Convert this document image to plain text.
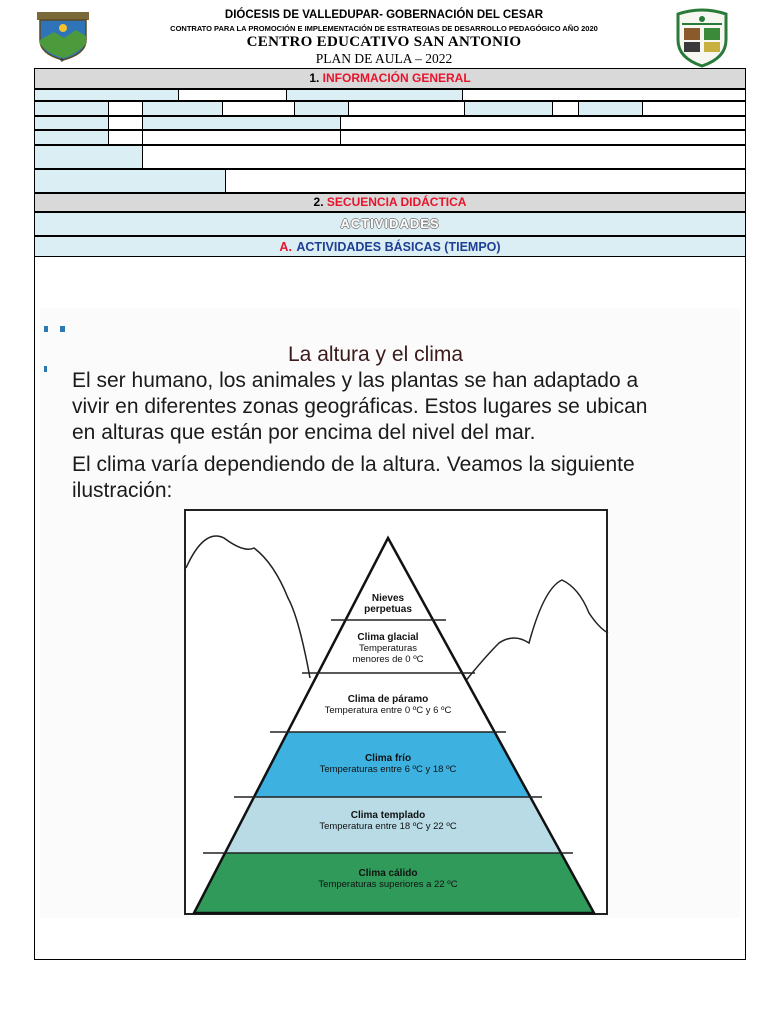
DIÓCESIS DE VALLEDUPAR- GOBERNACIÓN DEL CESAR
CONTRATO PARA LA PROMOCIÓN E IMPLEMENTACIÓN DE ESTRATEGIAS DE DESARROLLO PEDAGÓGICO AÑO 2020
CENTRO EDUCATIVO SAN ANTONIO
PLAN DE AULA – 2022
1. INFORMACIÓN GENERAL
2. SECUENCIA DIDÁCTICA
ACTIVIDADES
A. ACTIVIDADES BÁSICAS (TIEMPO)
La altura y el clima
El ser humano, los animales y las plantas se han adaptado a
vivir en diferentes zonas geográficas. Estos lugares se ubican
en alturas que están por encima del nivel del mar.
El clima varía dependiendo de la altura. Veamos la siguiente
ilustración:
Nieves
perpetuas
Clima glacial
Temperaturas
menores de 0 ºC
Clima de páramo
Temperatura entre 0 ºC y 6 ºC
Clima frío
Temperaturas entre 6 ºC y 18 ºC
Clima templado
Temperatura entre 18 ºC y 22 ºC
Clima cálido
Temperaturas superiores a 22 ºC
